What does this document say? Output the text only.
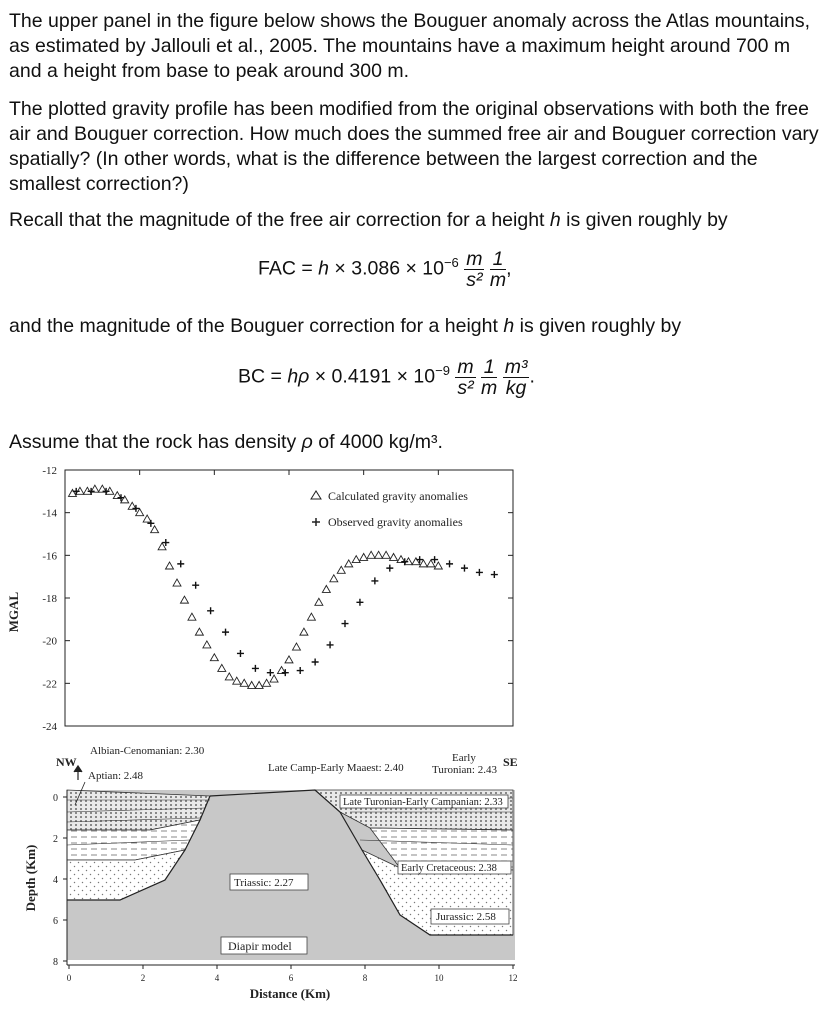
The upper panel in the figure below shows the Bouguer anomaly across the Atlas mountains, as estimated by Jallouli et al., 2005. The mountains have a maximum height around 700 m and a height from base to peak around 300 m.

The plotted gravity profile has been modified from the original observations with both the free air and Bouguer correction. How much does the summed free air and Bouguer correction vary spatially? (In other words, what is the difference between the largest correction and the smallest correction?)

Recall that the magnitude of the free air correction for a height h is given roughly by

FAC = $h \times 3.086 \times 10^{-6} \frac{m}{\text{s²}}$
$\frac{1}{m}$ ,

and the magnitude of the Bouguer correction for a height h is given roughly by

BC = $h\rho \times 0.4191 \times 10^{-9} \frac{m}{\text{s²}}$
$\frac{1}{m}$
$\frac{\text{m³}}{kg}$ .

Assume that the rock has density ρ of 4000 kg/m³.

-12
-14
-16
-18
-20
-22
-24
MGAL
Calculated gravity anomalies
Observed gravity anomalies
0
2
4
6
8
0	2	4	6	8	10	12
NW	SE
Albian-Cenomanian: 2.30
Aptian: 2.48
Late Camp-Early Maaest: 2.40
Early
Turonian: 2.43
Late Turonian-Early Campanian: 2.33
Early Cretaceous: 2.38
Triassic: 2.27
Jurassic: 2.58
Diapir model
Depth (Km)
Distance (Km)
